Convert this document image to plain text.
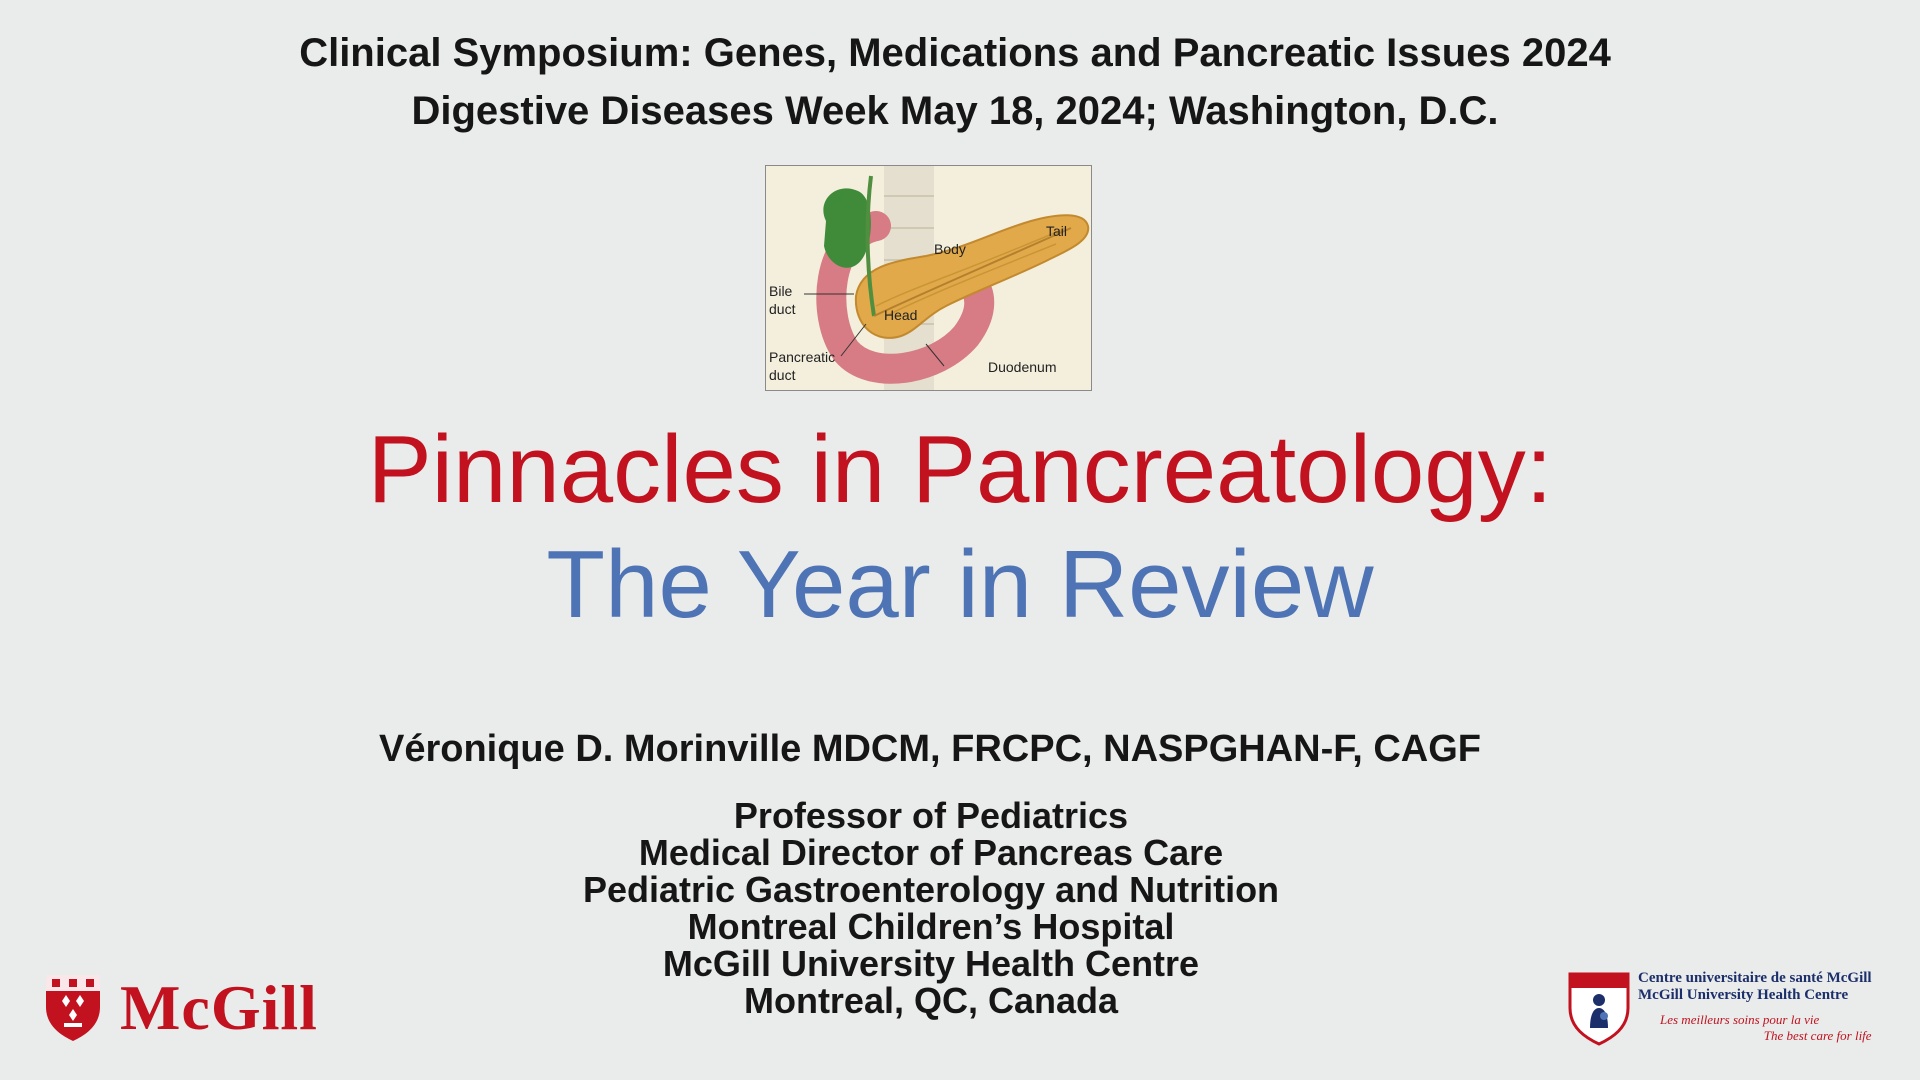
Clinical Symposium: Genes, Medications and Pancreatic Issues 2024
Digestive Diseases Week May 18, 2024; Washington, D.C.
Body
Tail
Bile
duct	Head
Pancreatic
duct	Duodenum
Pinnacles in Pancreatology:
The Year in Review
Véronique D. Morinville MDCM, FRCPC, NASPGHAN-F, CAGF
Professor of Pediatrics
Medical Director of Pancreas Care
Pediatric Gastroenterology and Nutrition
Montreal Children’s Hospital
McGill University Health Centre
Montreal, QC, Canada
McGill	Centre universitaire de santé McGill
McGill University Health Centre
Les meilleurs soins pour la vie
The best care for life
